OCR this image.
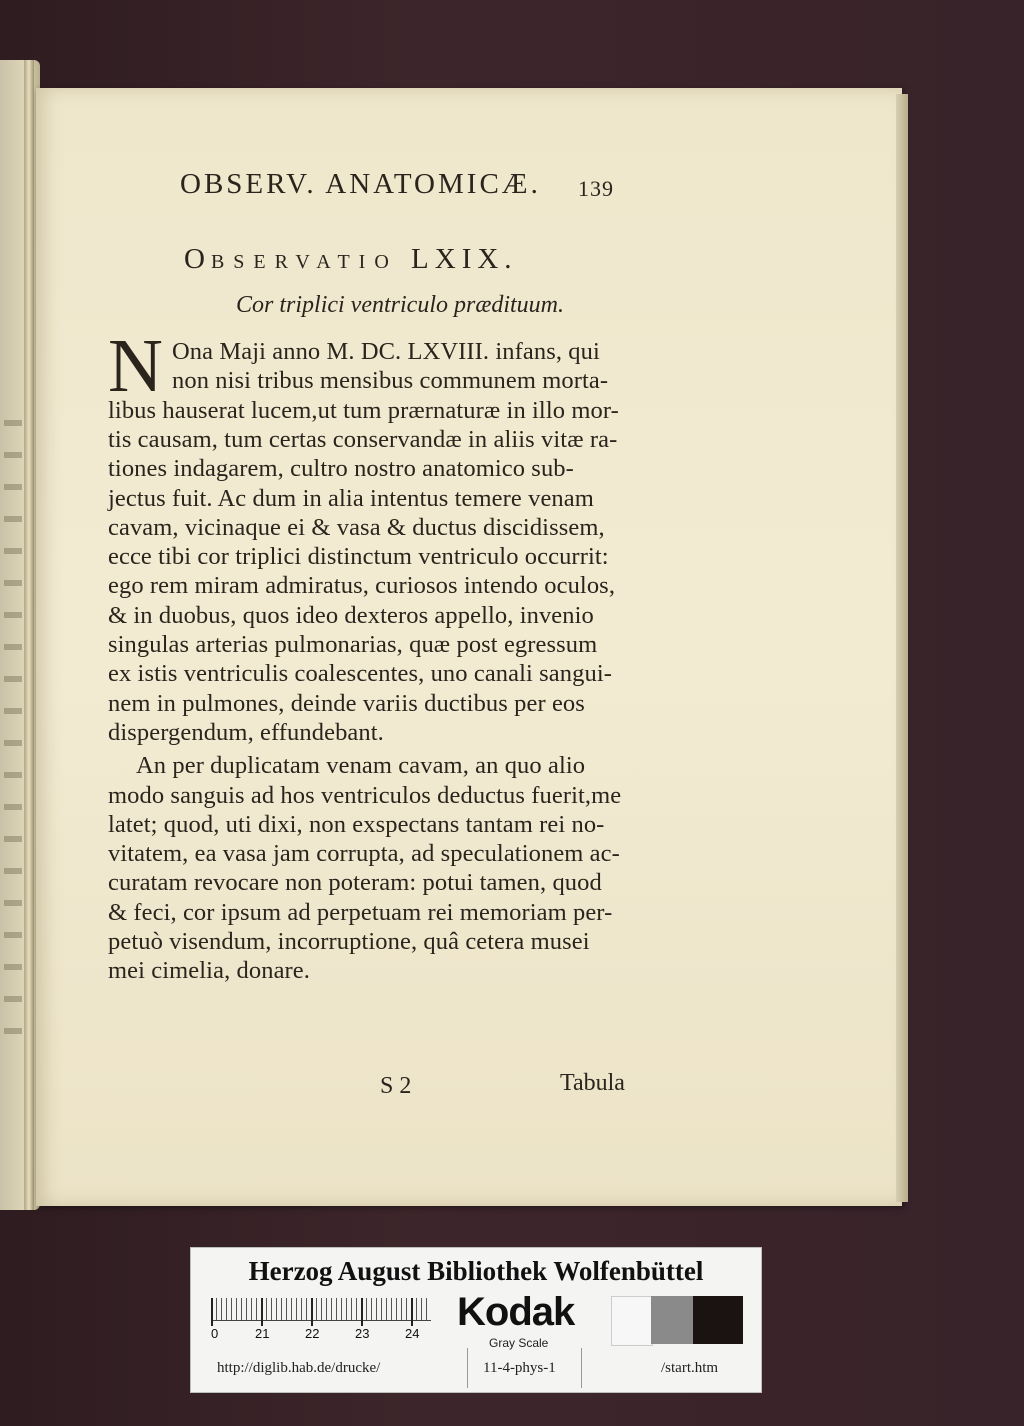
OBSERV. ANATOMICÆ. 139
OBSERVATIO LXIX.
Cor triplici ventriculo prædituum.
N Ona Maji anno M. DC. LXVIII. infans, qui
non nisi tribus mensibus communem morta-
libus hauserat lucem,ut tum prærnaturæ in illo mor-
tis causam, tum certas conservandæ in aliis vitæ ra-
tiones indagarem, cultro nostro anatomico sub-
jectus fuit. Ac dum in alia intentus temere venam
cavam, vicinaque ei & vasa & ductus discidissem,
ecce tibi cor triplici distinctum ventriculo occurrit:
ego rem miram admiratus, curiosos intendo oculos,
& in duobus, quos ideo dexteros appello, invenio
singulas arterias pulmonarias, quæ post egressum
ex istis ventriculis coalescentes, uno canali sangui-
nem in pulmones, deinde variis ductibus per eos
dispergendum, effundebant.
An per duplicatam venam cavam, an quo alio
modo sanguis ad hos ventriculos deductus fuerit,me
latet; quod, uti dixi, non exspectans tantam rei no-
vitatem, ea vasa jam corrupta, ad speculationem ac-
curatam revocare non poteram: potui tamen, quod
& feci, cor ipsum ad perpetuam rei memoriam per-
petuò visendum, incorruptione, quâ cetera musei
mei cimelia, donare.
S 2	Tabula
Herzog August Bibliothek Wolfenbüttel
0	21	22	23	24 Kodak
Gray Scale
http://diglib.hab.de/drucke/	11-4-phys-1	/start.htm
